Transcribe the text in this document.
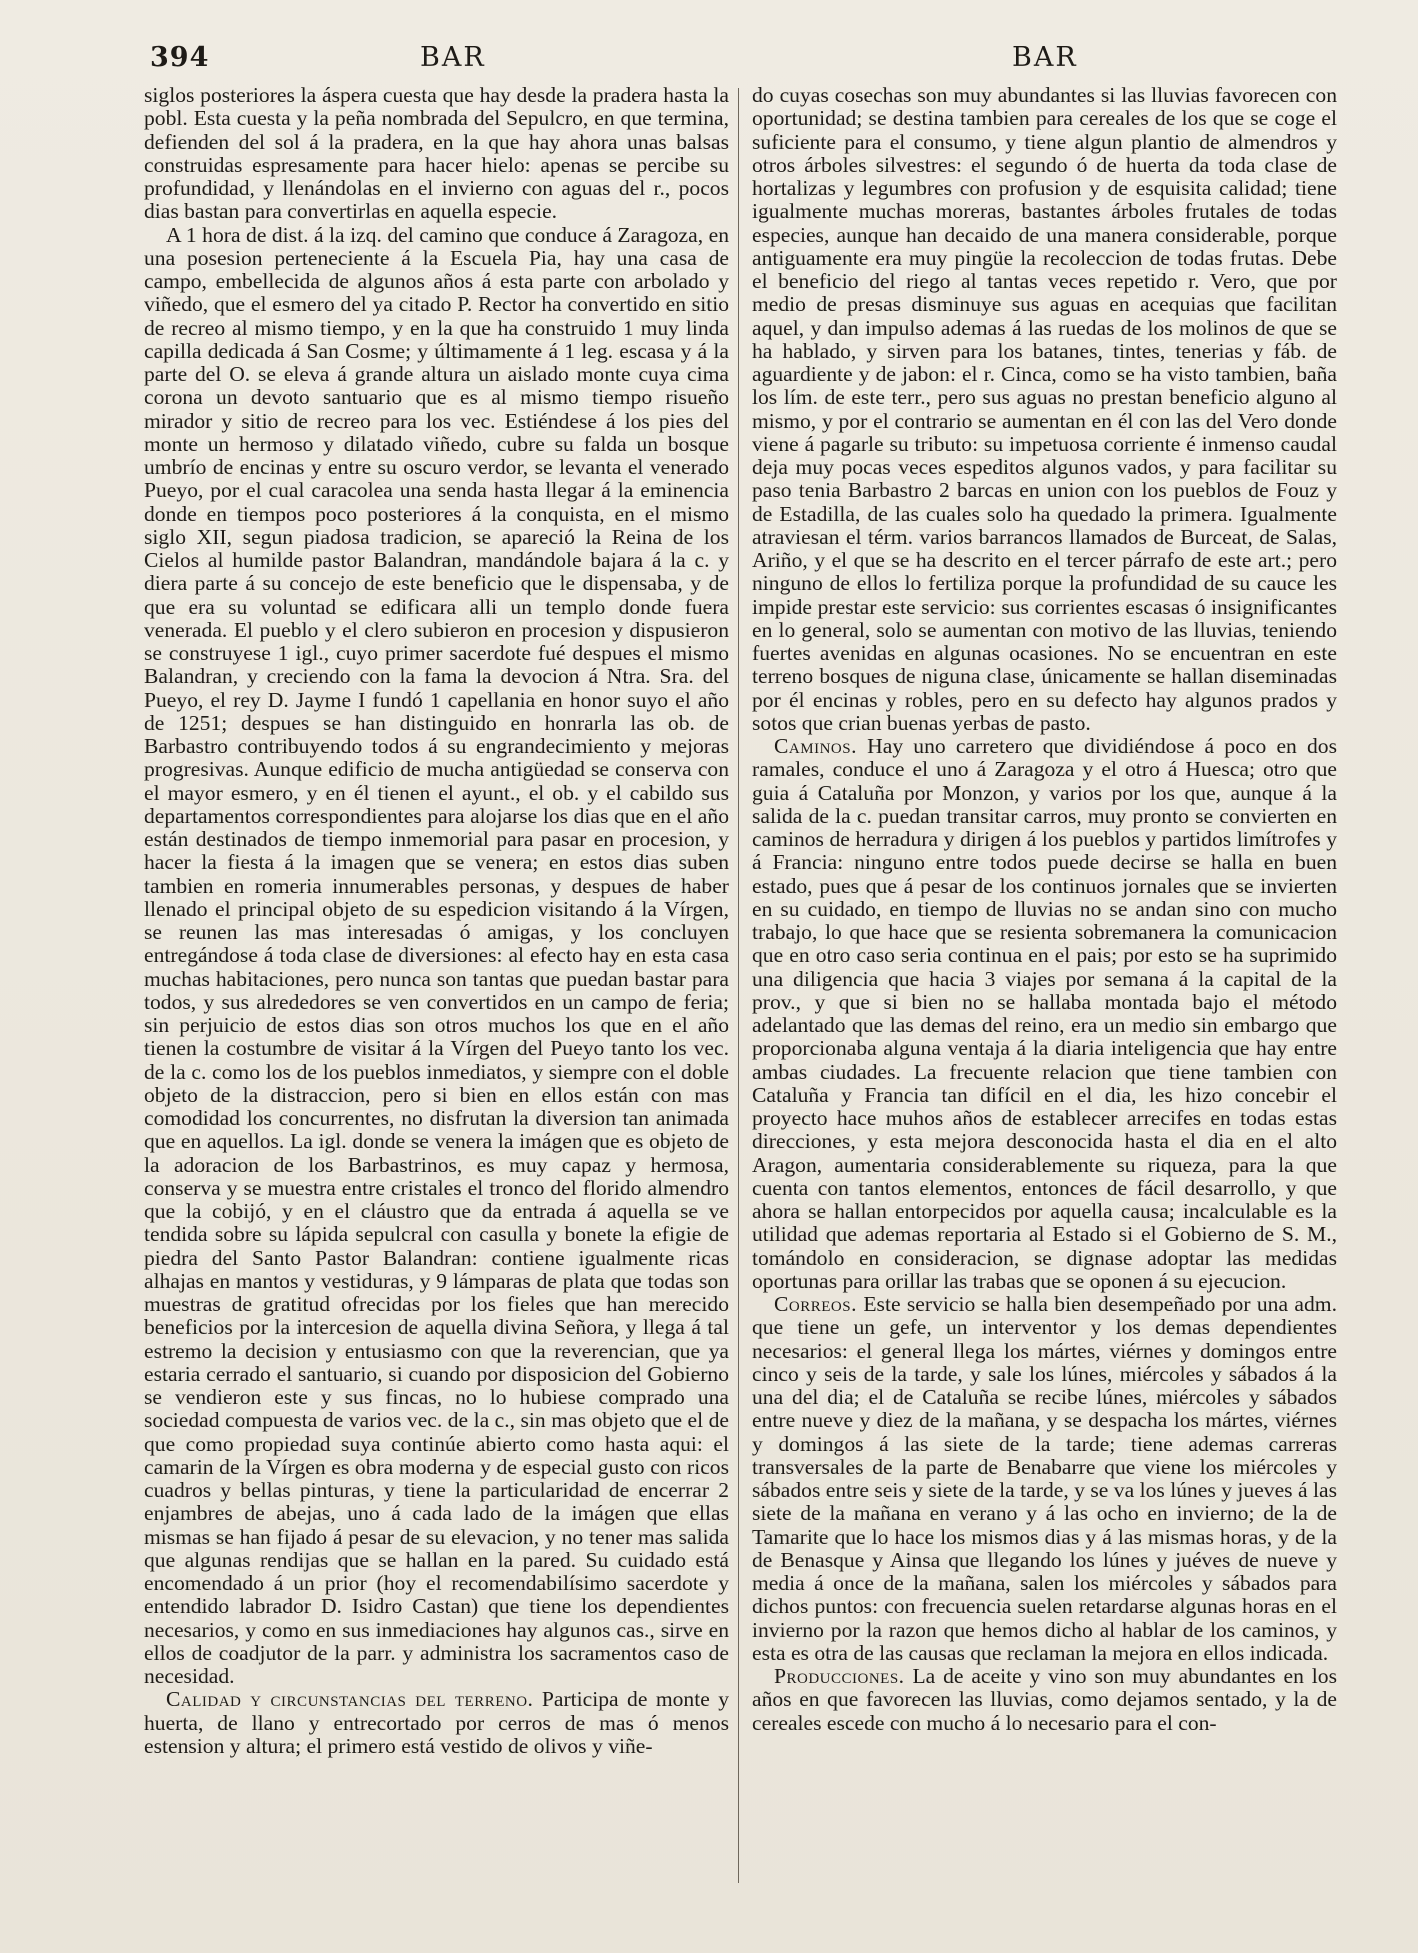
394	BAR	BAR

siglos posteriores la áspera cuesta que hay desde la pradera hasta la pobl. Esta cuesta y la peña nombrada del Sepulcro, en que termina, defienden del sol á la pradera, en la que hay ahora unas balsas construidas espresamente para hacer hielo: apenas se percibe su profundidad, y llenándolas en el invierno con aguas del r., pocos dias bastan para convertirlas en aquella especie.

A 1 hora de dist. á la izq. del camino que conduce á Zaragoza, en una posesion perteneciente á la Escuela Pia, hay una casa de campo, embellecida de algunos años á esta parte con arbolado y viñedo, que el esmero del ya citado P. Rector ha convertido en sitio de recreo al mismo tiempo, y en la que ha construido 1 muy linda capilla dedicada á San Cosme; y últimamente á 1 leg. escasa y á la parte del O. se eleva á grande altura un aislado monte cuya cima corona un devoto santuario que es al mismo tiempo risueño mirador y sitio de recreo para los vec. Estiéndese á los pies del monte un hermoso y dilatado viñedo, cubre su falda un bosque umbrío de encinas y entre su oscuro verdor, se levanta el venerado Pueyo, por el cual caracolea una senda hasta llegar á la eminencia donde en tiempos poco posteriores á la conquista, en el mismo siglo XII, segun piadosa tradicion, se apareció la Reina de los Cielos al humilde pastor Balandran, mandándole bajara á la c. y diera parte á su concejo de este beneficio que le dispensaba, y de que era su voluntad se edificara alli un templo donde fuera venerada. El pueblo y el clero subieron en procesion y dispusieron se construyese 1 igl., cuyo primer sacerdote fué despues el mismo Balandran, y creciendo con la fama la devocion á Ntra. Sra. del Pueyo, el rey D. Jayme I fundó 1 capellania en honor suyo el año de 1251; despues se han distinguido en honrarla las ob. de Barbastro contribuyendo todos á su engrandecimiento y mejoras progresivas. Aunque edificio de mucha antigüedad se conserva con el mayor esmero, y en él tienen el ayunt., el ob. y el cabildo sus departamentos correspondientes para alojarse los dias que en el año están destinados de tiempo inmemorial para pasar en procesion, y hacer la fiesta á la imagen que se venera; en estos dias suben tambien en romeria innumerables personas, y despues de haber llenado el principal objeto de su espedicion visitando á la Vírgen, se reunen las mas interesadas ó amigas, y los concluyen entregándose á toda clase de diversiones: al efecto hay en esta casa muchas habitaciones, pero nunca son tantas que puedan bastar para todos, y sus alrededores se ven convertidos en un campo de feria; sin perjuicio de estos dias son otros muchos los que en el año tienen la costumbre de visitar á la Vírgen del Pueyo tanto los vec. de la c. como los de los pueblos inmediatos, y siempre con el doble objeto de la distraccion, pero si bien en ellos están con mas comodidad los concurrentes, no disfrutan la diversion tan animada que en aquellos. La igl. donde se venera la imágen que es objeto de la adoracion de los Barbastrinos, es muy capaz y hermosa, conserva y se muestra entre cristales el tronco del florido almendro que la cobijó, y en el cláustro que da entrada á aquella se ve tendida sobre su lápida sepulcral con casulla y bonete la efigie de piedra del Santo Pastor Balandran: contiene igualmente ricas alhajas en mantos y vestiduras, y 9 lámparas de plata que todas son muestras de gratitud ofrecidas por los fieles que han merecido beneficios por la intercesion de aquella divina Señora, y llega á tal estremo la decision y entusiasmo con que la reverencian, que ya estaria cerrado el santuario, si cuando por disposicion del Gobierno se vendieron este y sus fincas, no lo hubiese comprado una sociedad compuesta de varios vec. de la c., sin mas objeto que el de que como propiedad suya continúe abierto como hasta aqui: el camarin de la Vírgen es obra moderna y de especial gusto con ricos cuadros y bellas pinturas, y tiene la particularidad de encerrar 2 enjambres de abejas, uno á cada lado de la imágen que ellas mismas se han fijado á pesar de su elevacion, y no tener mas salida que algunas rendijas que se hallan en la pared. Su cuidado está encomendado á un prior (hoy el recomendabilísimo sacerdote y entendido labrador D. Isidro Castan) que tiene los dependientes necesarios, y como en sus inmediaciones hay algunos cas., sirve en ellos de coadjutor de la parr. y administra los sacramentos caso de necesidad.

Calidad y circunstancias del terreno. Participa de monte y huerta, de llano y entrecortado por cerros de mas ó menos estension y altura; el primero está vestido de olivos y viñe-

do cuyas cosechas son muy abundantes si las lluvias favorecen con oportunidad; se destina tambien para cereales de los que se coge el suficiente para el consumo, y tiene algun plantio de almendros y otros árboles silvestres: el segundo ó de huerta da toda clase de hortalizas y legumbres con profusion y de esquisita calidad; tiene igualmente muchas moreras, bastantes árboles frutales de todas especies, aunque han decaido de una manera considerable, porque antiguamente era muy pingüe la recoleccion de todas frutas. Debe el beneficio del riego al tantas veces repetido r. Vero, que por medio de presas disminuye sus aguas en acequias que facilitan aquel, y dan impulso ademas á las ruedas de los molinos de que se ha hablado, y sirven para los batanes, tintes, tenerias y fáb. de aguardiente y de jabon: el r. Cinca, como se ha visto tambien, baña los lím. de este terr., pero sus aguas no prestan beneficio alguno al mismo, y por el contrario se aumentan en él con las del Vero donde viene á pagarle su tributo: su impetuosa corriente é inmenso caudal deja muy pocas veces espeditos algunos vados, y para facilitar su paso tenia Barbastro 2 barcas en union con los pueblos de Fouz y de Estadilla, de las cuales solo ha quedado la primera. Igualmente atraviesan el térm. varios barrancos llamados de Burceat, de Salas, Ariño, y el que se ha descrito en el tercer párrafo de este art.; pero ninguno de ellos lo fertiliza porque la profundidad de su cauce les impide prestar este servicio: sus corrientes escasas ó insignificantes en lo general, solo se aumentan con motivo de las lluvias, teniendo fuertes avenidas en algunas ocasiones. No se encuentran en este terreno bosques de niguna clase, únicamente se hallan diseminadas por él encinas y robles, pero en su defecto hay algunos prados y sotos que crian buenas yerbas de pasto.

Caminos. Hay uno carretero que dividiéndose á poco en dos ramales, conduce el uno á Zaragoza y el otro á Huesca; otro que guia á Cataluña por Monzon, y varios por los que, aunque á la salida de la c. puedan transitar carros, muy pronto se convierten en caminos de herradura y dirigen á los pueblos y partidos limítrofes y á Francia: ninguno entre todos puede decirse se halla en buen estado, pues que á pesar de los continuos jornales que se invierten en su cuidado, en tiempo de lluvias no se andan sino con mucho trabajo, lo que hace que se resienta sobremanera la comunicacion que en otro caso seria continua en el pais; por esto se ha suprimido una diligencia que hacia 3 viajes por semana á la capital de la prov., y que si bien no se hallaba montada bajo el método adelantado que las demas del reino, era un medio sin embargo que proporcionaba alguna ventaja á la diaria inteligencia que hay entre ambas ciudades. La frecuente relacion que tiene tambien con Cataluña y Francia tan difícil en el dia, les hizo concebir el proyecto hace muhos años de establecer arrecifes en todas estas direcciones, y esta mejora desconocida hasta el dia en el alto Aragon, aumentaria considerablemente su riqueza, para la que cuenta con tantos elementos, entonces de fácil desarrollo, y que ahora se hallan entorpecidos por aquella causa; incalculable es la utilidad que ademas reportaria al Estado si el Gobierno de S. M., tomándolo en consideracion, se dignase adoptar las medidas oportunas para orillar las trabas que se oponen á su ejecucion.

Correos. Este servicio se halla bien desempeñado por una adm. que tiene un gefe, un interventor y los demas dependientes necesarios: el general llega los mártes, viérnes y domingos entre cinco y seis de la tarde, y sale los lúnes, miércoles y sábados á la una del dia; el de Cataluña se recibe lúnes, miércoles y sábados entre nueve y diez de la mañana, y se despacha los mártes, viérnes y domingos á las siete de la tarde; tiene ademas carreras transversales de la parte de Benabarre que viene los miércoles y sábados entre seis y siete de la tarde, y se va los lúnes y jueves á las siete de la mañana en verano y á las ocho en invierno; de la de Tamarite que lo hace los mismos dias y á las mismas horas, y de la de Benasque y Ainsa que llegando los lúnes y juéves de nueve y media á once de la mañana, salen los miércoles y sábados para dichos puntos: con frecuencia suelen retardarse algunas horas en el invierno por la razon que hemos dicho al hablar de los caminos, y esta es otra de las causas que reclaman la mejora en ellos indicada.

Producciones. La de aceite y vino son muy abundantes en los años en que favorecen las lluvias, como dejamos sentado, y la de cereales escede con mucho á lo necesario para el con-
